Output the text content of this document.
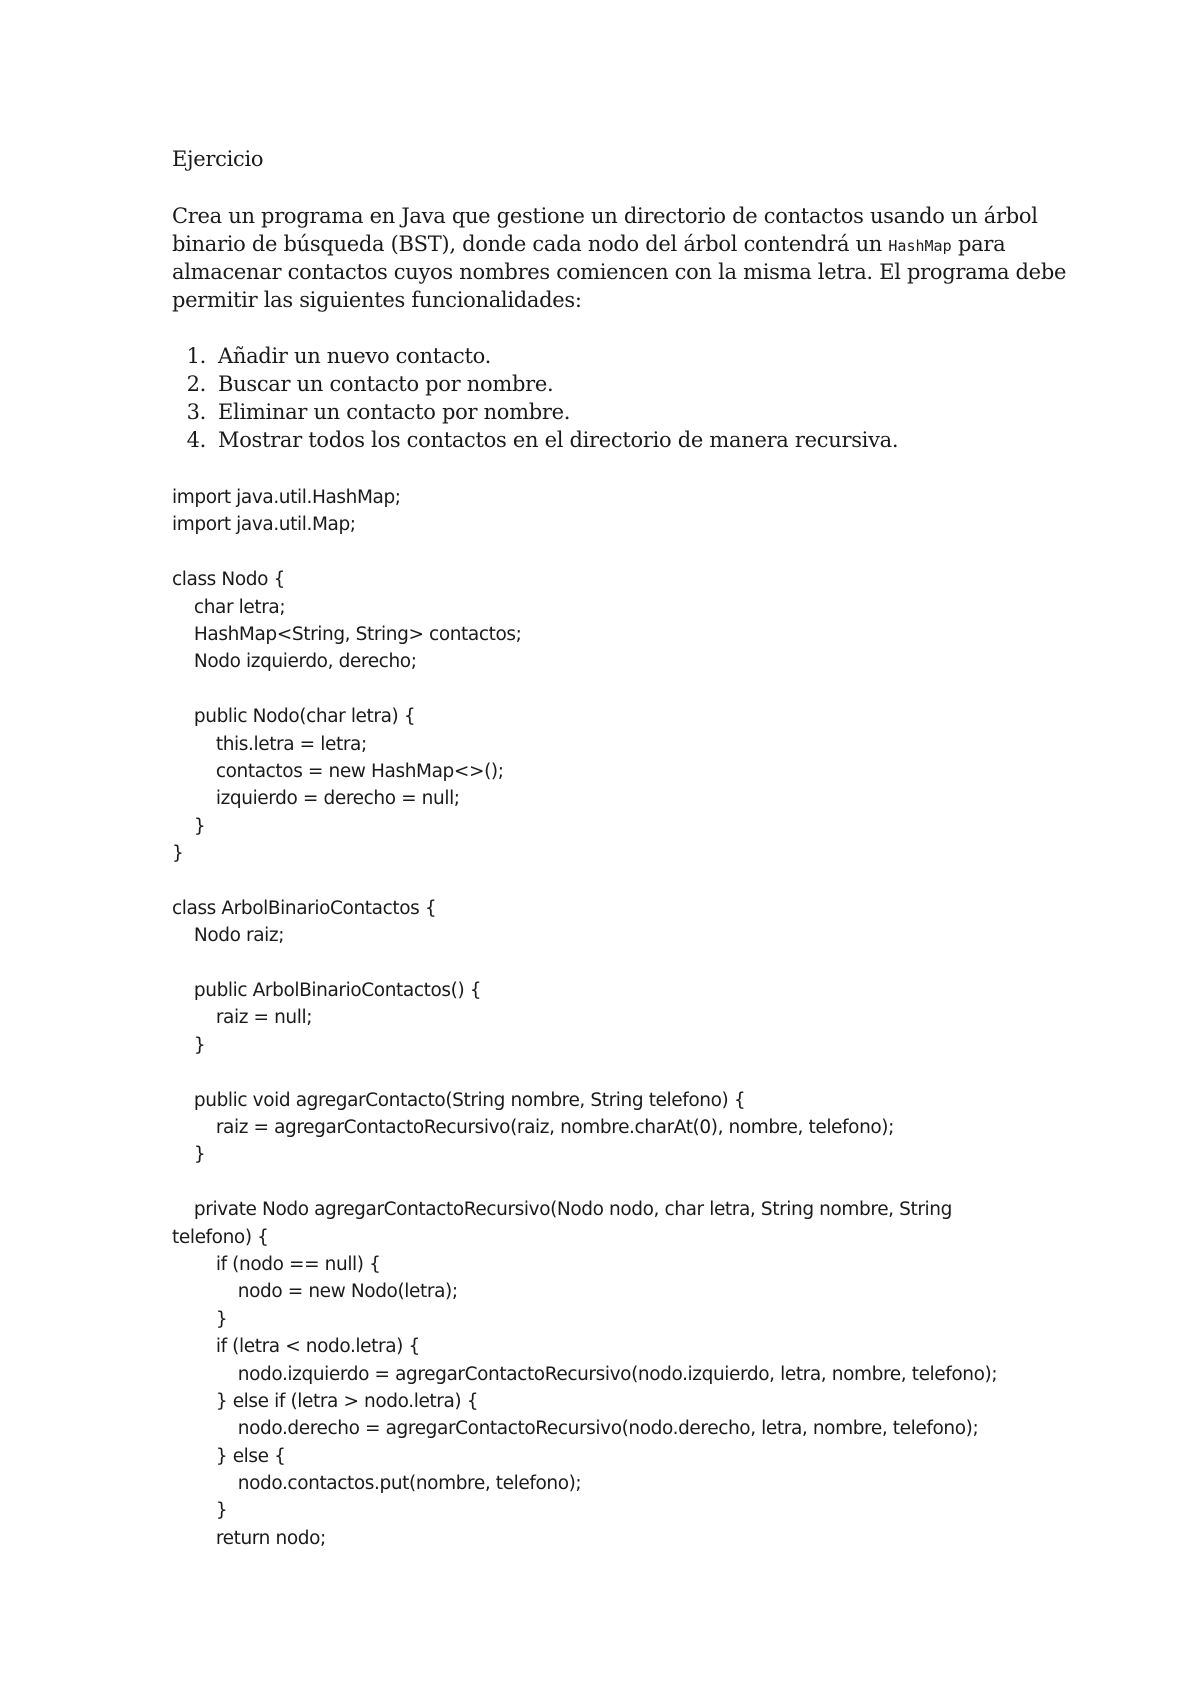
Ejercicio
Crea un programa en Java que gestione un directorio de contactos usando un árbol
binario de búsqueda (BST), donde cada nodo del árbol contendrá un HashMap para
almacenar contactos cuyos nombres comiencen con la misma letra. El programa debe
permitir las siguientes funcionalidades:
1. Añadir un nuevo contacto.
2. Buscar un contacto por nombre.
3. Eliminar un contacto por nombre.
4. Mostrar todos los contactos en el directorio de manera recursiva.
import java.util.HashMap;
import java.util.Map;
class Nodo {
char letra;
HashMap<String, String> contactos;
Nodo izquierdo, derecho;
public Nodo(char letra) {
this.letra = letra;
contactos = new HashMap<>();
izquierdo = derecho = null;
}
}
class ArbolBinarioContactos {
Nodo raiz;
public ArbolBinarioContactos() {
raiz = null;
}
public void agregarContacto(String nombre, String telefono) {
raiz = agregarContactoRecursivo(raiz, nombre.charAt(0), nombre, telefono);
}
private Nodo agregarContactoRecursivo(Nodo nodo, char letra, String nombre, String
telefono) {
if (nodo == null) {
nodo = new Nodo(letra);
}
if (letra < nodo.letra) {
nodo.izquierdo = agregarContactoRecursivo(nodo.izquierdo, letra, nombre, telefono);
} else if (letra > nodo.letra) {
nodo.derecho = agregarContactoRecursivo(nodo.derecho, letra, nombre, telefono);
} else {
nodo.contactos.put(nombre, telefono);
}
return nodo;
